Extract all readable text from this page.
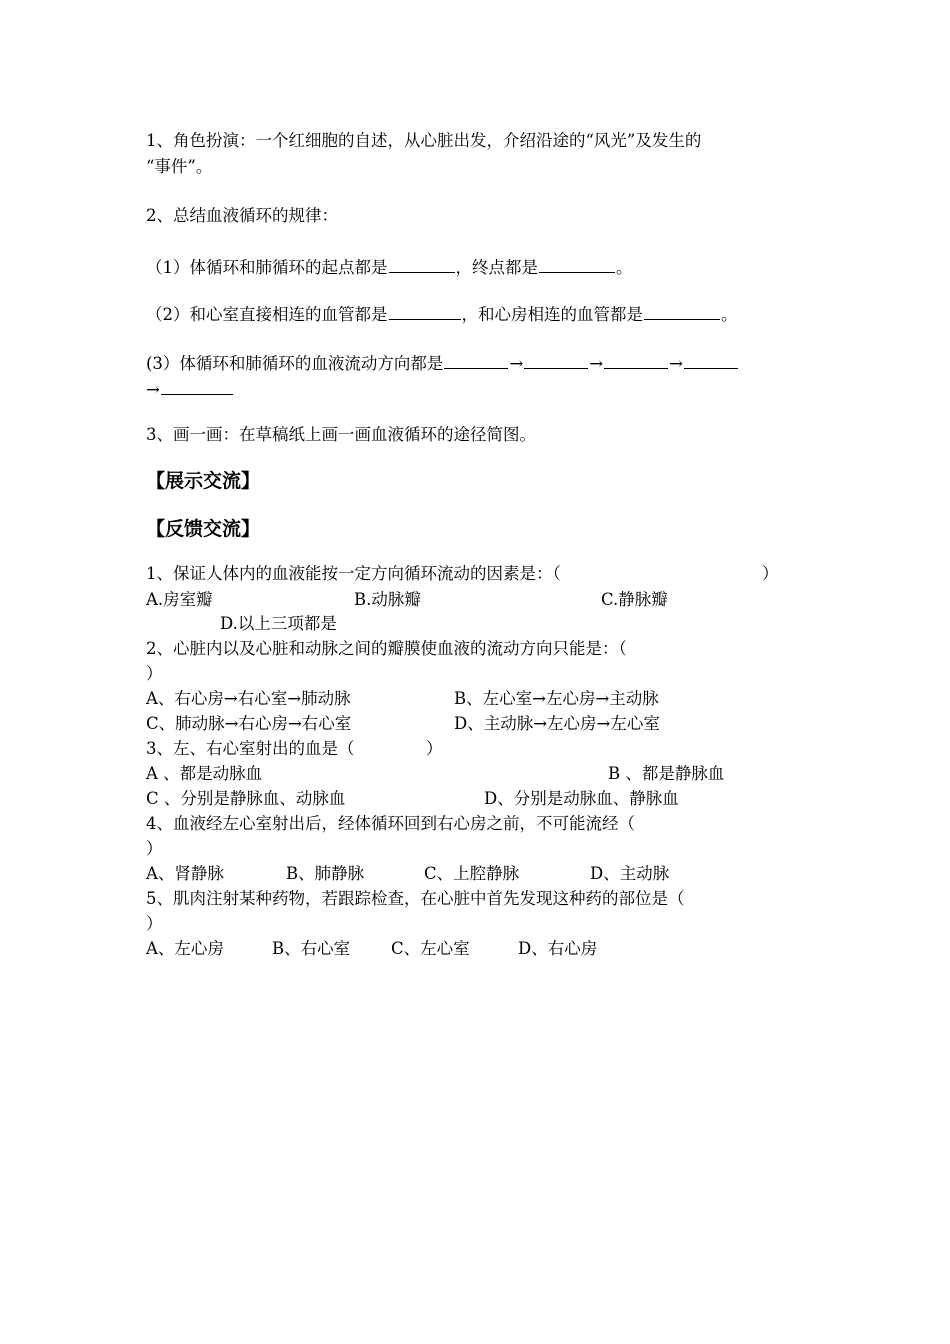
1、角色扮演：一个红细胞的自述，从心脏出发，介绍沿途的“风光”及发生的
“事件”。
2、总结血液循环的规律：
（1）体循环和肺循环的起点都是	，终点都是	。
（2）和心室直接相连的血管都是	，和心房相连的血管都是	。
(3）体循环和肺循环的血液流动方向都是	→	→	→
→
3、画一画：在草稿纸上画一画血液循环的途径简图。
【展示交流】
【反馈交流】
1、保证人体内的血液能按一定方向循环流动的因素是：（	）
A.房室瓣	B.动脉瓣	C.静脉瓣
D.以上三项都是
2、心脏内以及心脏和动脉之间的瓣膜使血液的流动方向只能是：（
）
A、右心房→右心室→肺动脉	B、左心室→左心房→主动脉
C、肺动脉→右心房→右心室	D、主动脉→左心房→左心室
3、左、右心室射出的血是（	）
A 、都是动脉血	B 、都是静脉血
C 、分别是静脉血、动脉血	D、分别是动脉血、静脉血
4、血液经左心室射出后，经体循环回到右心房之前，不可能流经（
）
A、肾静脉	B、肺静脉	C、上腔静脉	D、主动脉
5、肌肉注射某种药物，若跟踪检查，在心脏中首先发现这种药的部位是（
）
A、左心房	B、右心室 C、左心室	D、右心房
